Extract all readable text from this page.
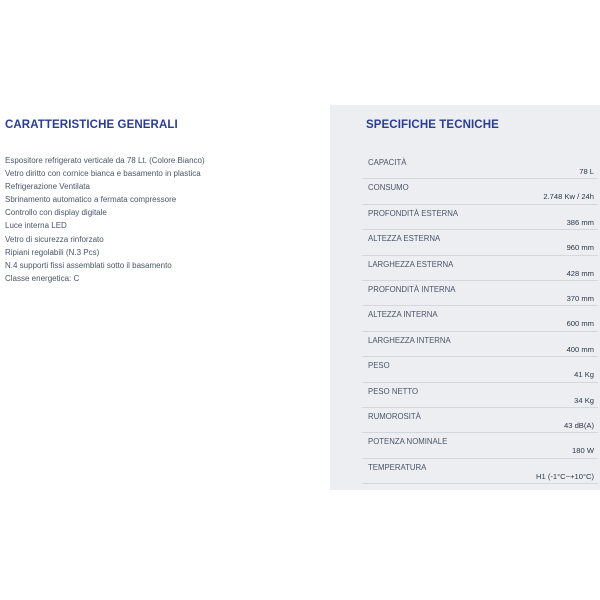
CARATTERISTICHE GENERALI
Espositore refrigerato verticale da 78 Lt. (Colore Bianco)
Vetro diritto con cornice bianca e basamento in plastica
Refrigerazione Ventilata
Sbrinamento automatico a fermata compressore
Controllo con display digitale
Luce interna LED
Vetro di sicurezza rinforzato
Ripiani regolabili (N.3 Pcs)
N.4 supporti fissi assemblati sotto il basamento
Classe energetica: C
SPECIFICHE TECNICHE
CAPACITÀ
78 L
CONSUMO
2.748 Kw / 24h
PROFONDITÀ ESTERNA
386 mm
ALTEZZA ESTERNA
960 mm
LARGHEZZA ESTERNA
428 mm
PROFONDITÀ INTERNA
370 mm
ALTEZZA INTERNA
600 mm
LARGHEZZA INTERNA
400 mm
PESO
41 Kg
PESO NETTO
34 Kg
RUMOROSITÀ
43 dB(A)
POTENZA NOMINALE
180 W
TEMPERATURA
H1 (-1°C~+10°C)
